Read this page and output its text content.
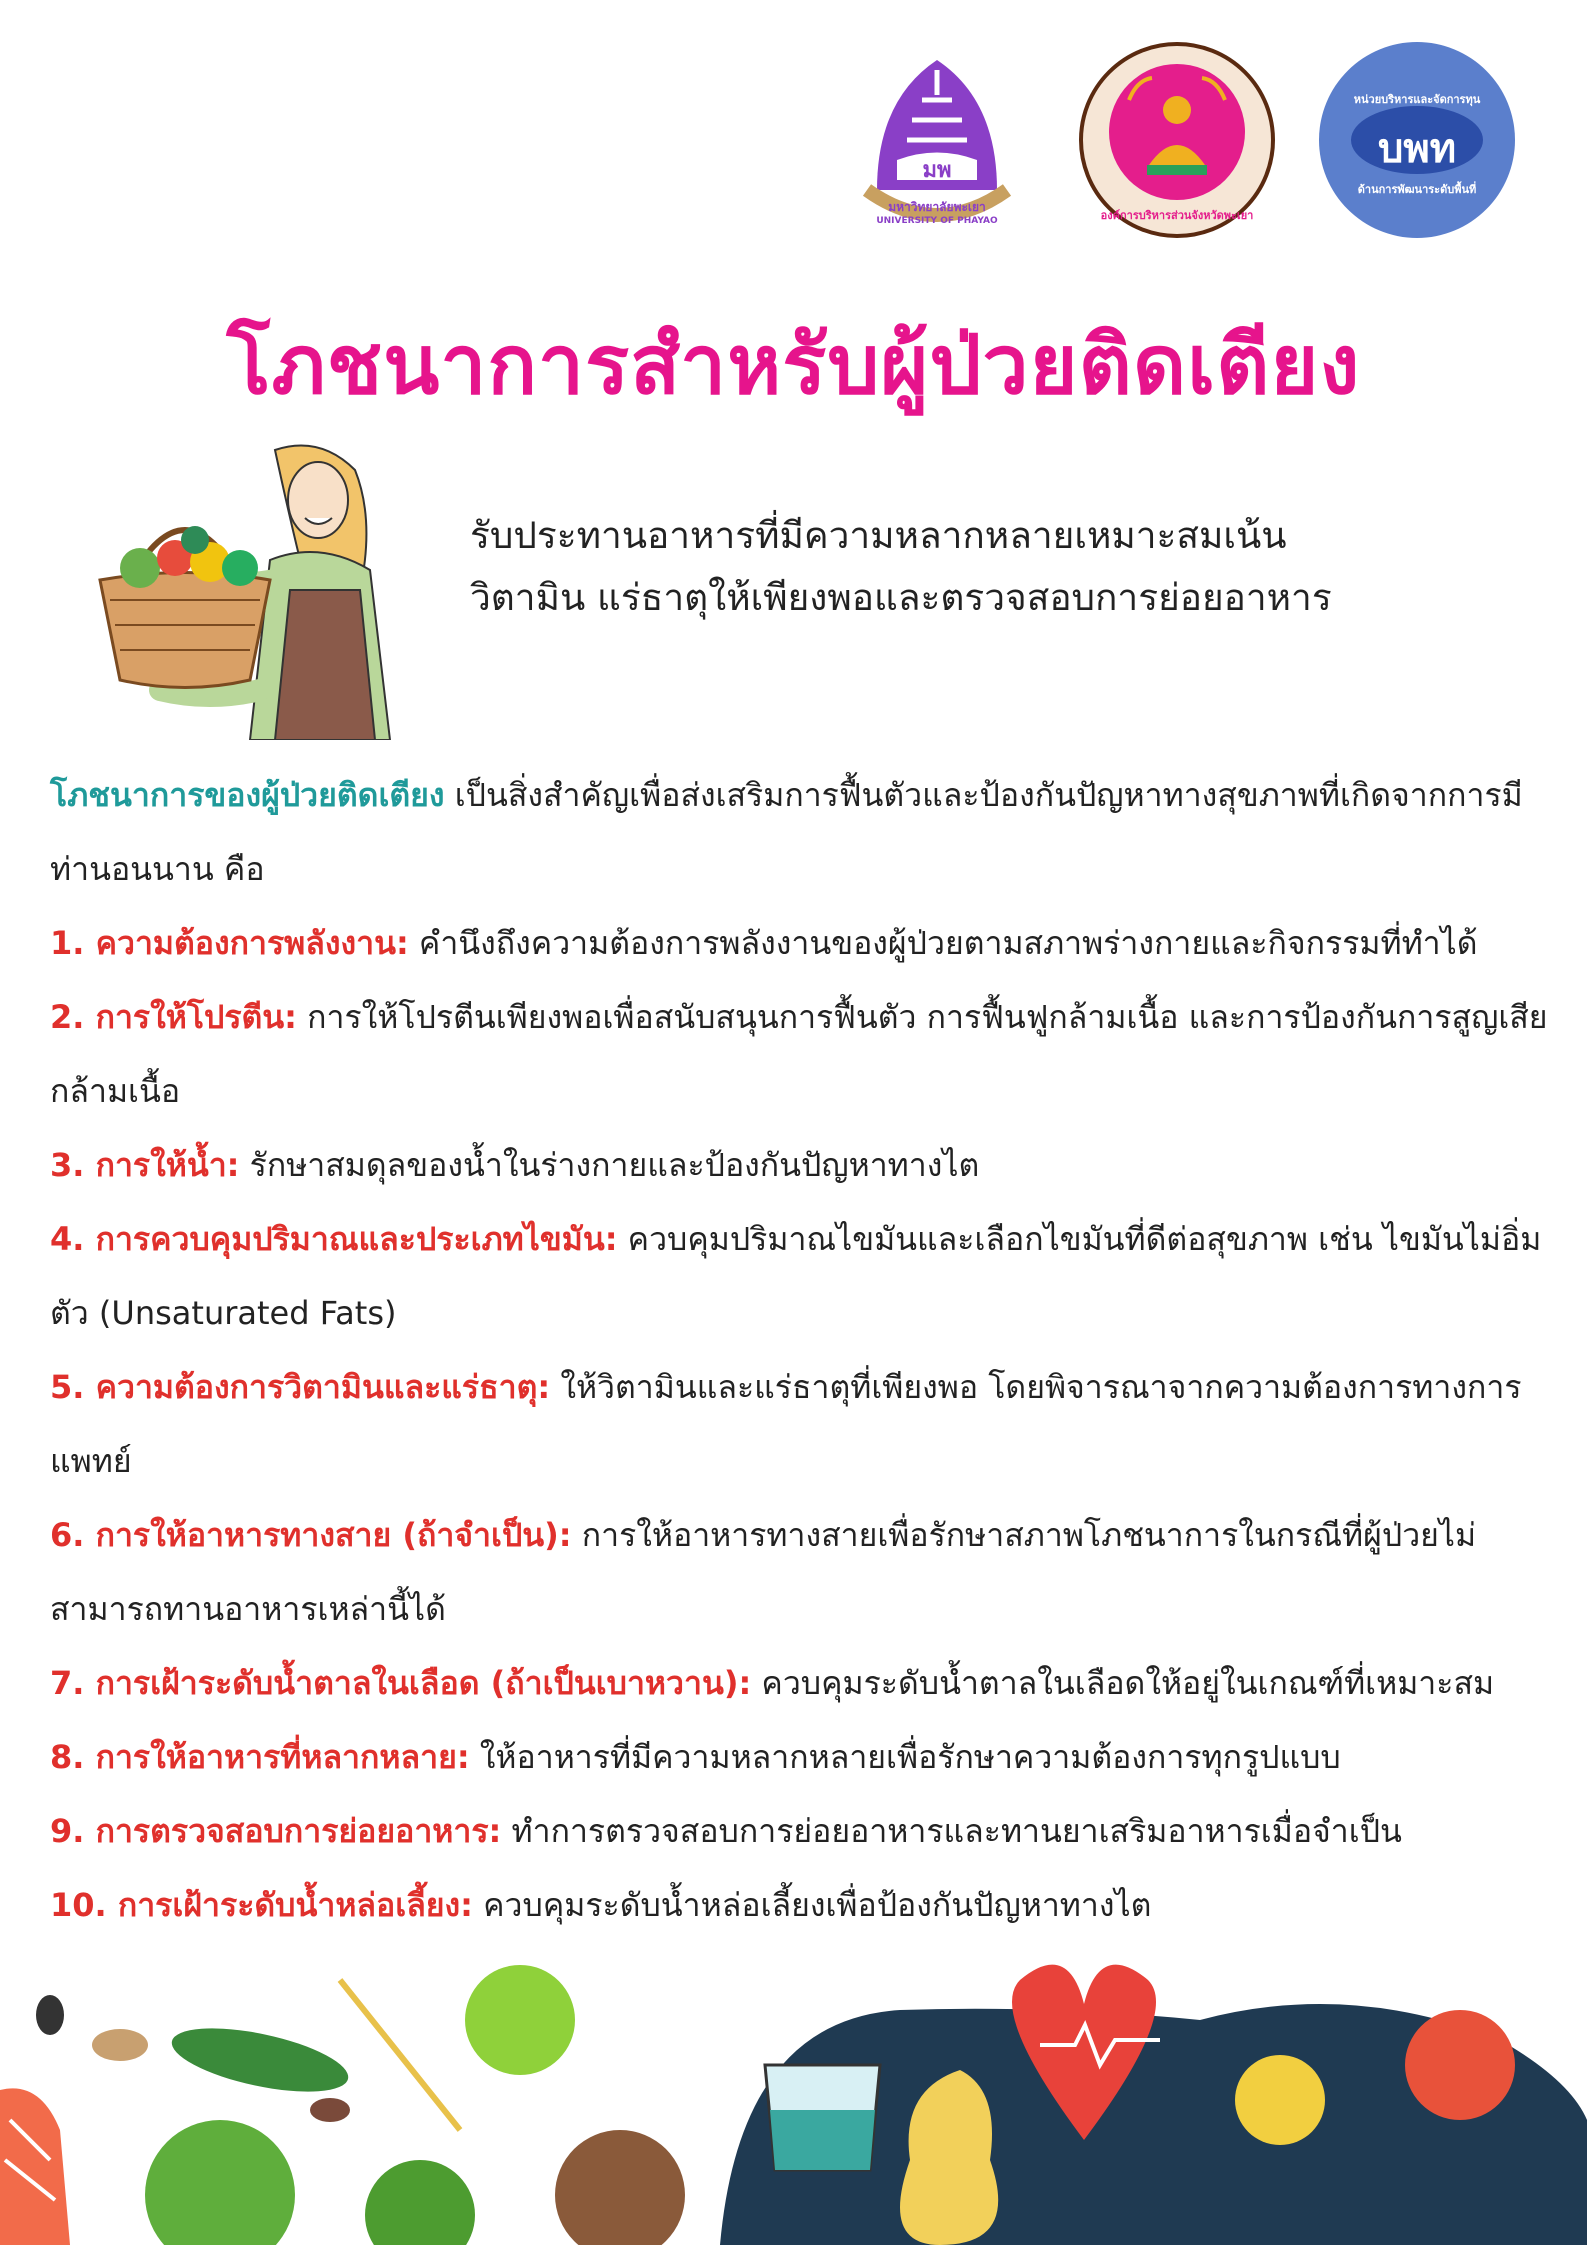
มพ
มหาวิทยาลัยพะเยา
UNIVERSITY OF PHAYAO	องค์การบริหารส่วนจังหวัดพะเยา
หน่วยบริหารและจัดการทุน
บพท
ด้านการพัฒนาระดับพื้นที่
โภชนาการสำหรับผู้ป่วยติดเตียง
รับประทานอาหารที่มีความหลากหลายเหมาะสมเน้น
วิตามิน แร่ธาตุให้เพียงพอและตรวจสอบการย่อยอาหาร

โภชนาการของผู้ป่วยติดเตียง เป็นสิ่งสำคัญเพื่อส่งเสริมการฟื้นตัวและป้องกันปัญหาทางสุขภาพที่เกิดจากการมีท่านอนนาน คือ

1. ความต้องการพลังงาน: คำนึงถึงความต้องการพลังงานของผู้ป่วยตามสภาพร่างกายและกิจกรรมที่ทำได้

2. การให้โปรตีน: การให้โปรตีนเพียงพอเพื่อสนับสนุนการฟื้นตัว การฟื้นฟูกล้ามเนื้อ และการป้องกันการสูญเสียกล้ามเนื้อ

3. การให้น้ำ: รักษาสมดุลของน้ำในร่างกายและป้องกันปัญหาทางไต

4. การควบคุมปริมาณและประเภทไขมัน: ควบคุมปริมาณไขมันและเลือกไขมันที่ดีต่อสุขภาพ เช่น ไขมันไม่อิ่มตัว (Unsaturated Fats)

5. ความต้องการวิตามินและแร่ธาตุ: ให้วิตามินและแร่ธาตุที่เพียงพอ โดยพิจารณาจากความต้องการทางการแพทย์

6. การให้อาหารทางสาย (ถ้าจำเป็น): การให้อาหารทางสายเพื่อรักษาสภาพโภชนาการในกรณีที่ผู้ป่วยไม่สามารถทานอาหารเหล่านี้ได้

7. การเฝ้าระดับน้ำตาลในเลือด (ถ้าเป็นเบาหวาน): ควบคุมระดับน้ำตาลในเลือดให้อยู่ในเกณฑ์ที่เหมาะสม

8. การให้อาหารที่หลากหลาย: ให้อาหารที่มีความหลากหลายเพื่อรักษาความต้องการทุกรูปแบบ

9. การตรวจสอบการย่อยอาหาร: ทำการตรวจสอบการย่อยอาหารและทานยาเสริมอาหารเมื่อจำเป็น

10. การเฝ้าระดับน้ำหล่อเลี้ยง: ควบคุมระดับน้ำหล่อเลี้ยงเพื่อป้องกันปัญหาทางไต
